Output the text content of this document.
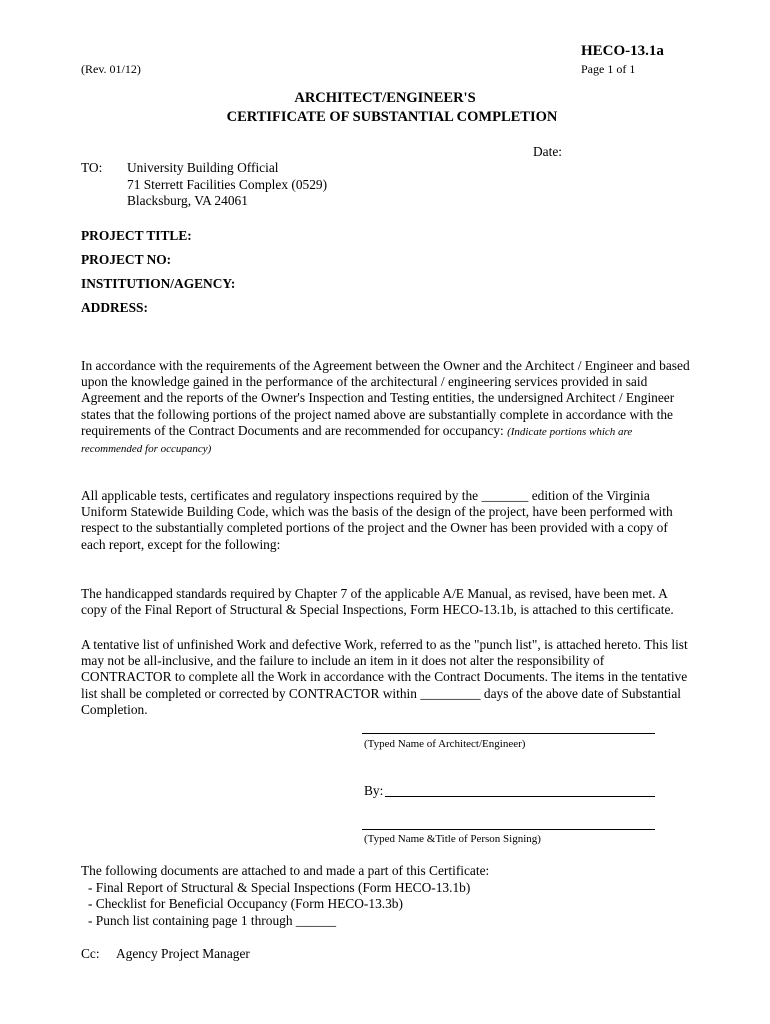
HECO-13.1a
(Rev. 01/12)	Page 1 of 1
ARCHITECT/ENGINEER'S
CERTIFICATE OF SUBSTANTIAL COMPLETION
Date:
TO: University Building Official
71 Sterrett Facilities Complex (0529)
Blacksburg, VA 24061
PROJECT TITLE:
PROJECT NO:
INSTITUTION/AGENCY:
ADDRESS:
In accordance with the requirements of the Agreement between the Owner and the Architect / Engineer and based upon the knowledge gained in the performance of the architectural / engineering services provided in said Agreement and the reports of the Owner's Inspection and Testing entities, the undersigned Architect / Engineer states that the following portions of the project named above are substantially complete in accordance with the requirements of the Contract Documents and are recommended for occupancy: (Indicate portions which are recommended for occupancy)
All applicable tests, certificates and regulatory inspections required by the _______ edition of the Virginia Uniform Statewide Building Code, which was the basis of the design of the project, have been performed with respect to the substantially completed portions of the project and the Owner has been provided with a copy of each report, except for the following:
The handicapped standards required by Chapter 7 of the applicable A/E Manual, as revised, have been met. A copy of the Final Report of Structural & Special Inspections, Form HECO-13.1b, is attached to this certificate.
A tentative list of unfinished Work and defective Work, referred to as the "punch list", is attached hereto. This list may not be all-inclusive, and the failure to include an item in it does not alter the responsibility of CONTRACTOR to complete all the Work in accordance with the Contract Documents. The items in the tentative list shall be completed or corrected by CONTRACTOR within _________ days of the above date of Substantial Completion.
(Typed Name of Architect/Engineer)
By:
(Typed Name &Title of Person Signing)
The following documents are attached to and made a part of this Certificate:
- Final Report of Structural & Special Inspections (Form HECO-13.1b)
- Checklist for Beneficial Occupancy (Form HECO-13.3b)
- Punch list containing page 1 through ______
Cc: Agency Project Manager
